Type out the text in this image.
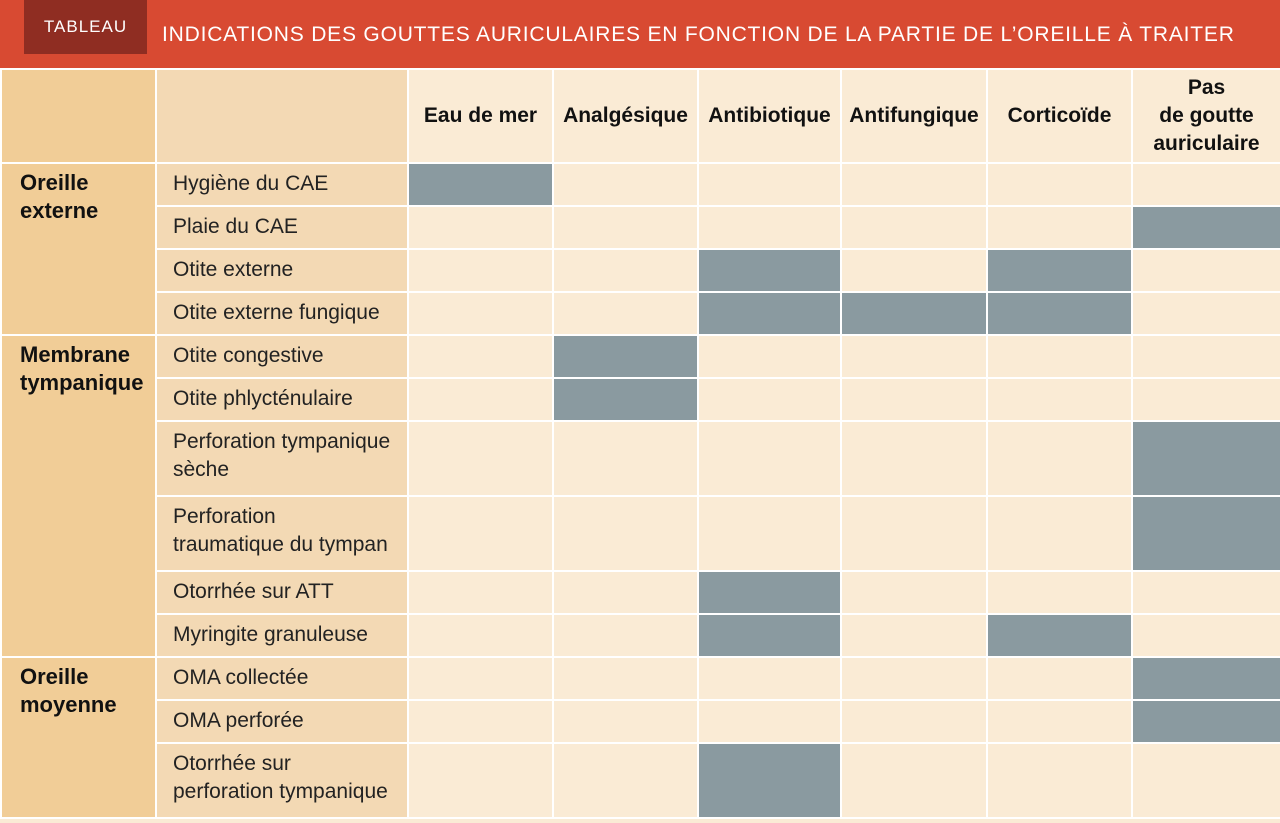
TABLEAU	INDICATIONS DES GOUTTES AURICULAIRES EN FONCTION DE LA PARTIE DE L’OREILLE À TRAITER
		Eau de mer	Analgésique	Antibiotique	Antifungique	Corticoïde	Pas
de goutte
auriculaire
Oreille externe	Hygiène du CAE						
	Plaie du CAE						
	Otite externe						
	Otite externe fungique						
Membrane tympanique	Otite congestive						
	Otite phlycténulaire						
	Perforation tympanique sèche						
	Perforation traumatique du tympan						
	Otorrhée sur ATT						
	Myringite granuleuse						
Oreille moyenne	OMA collectée						
	OMA perforée						
	Otorrhée sur perforation tympanique						
